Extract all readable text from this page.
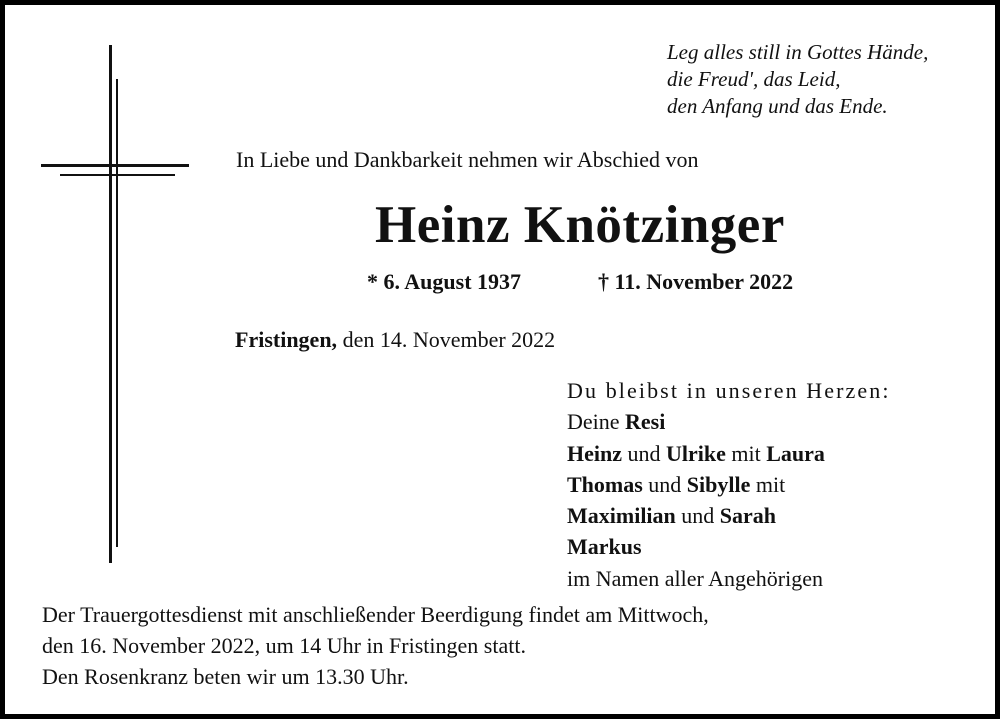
Leg alles still in Gottes Hände,
die Freud', das Leid,
den Anfang und das Ende.
In Liebe und Dankbarkeit nehmen wir Abschied von
Heinz Knötzinger
* 6. August 1937	† 11. November 2022
Fristingen, den 14. November 2022
Du bleibst in unseren Herzen:
Deine Resi
Heinz und Ulrike mit Laura
Thomas und Sibylle mit
Maximilian und Sarah
Markus
im Namen aller Angehörigen
Der Trauergottesdienst mit anschließender Beerdigung findet am Mittwoch,
den 16. November 2022, um 14 Uhr in Fristingen statt.
Den Rosenkranz beten wir um 13.30 Uhr.
